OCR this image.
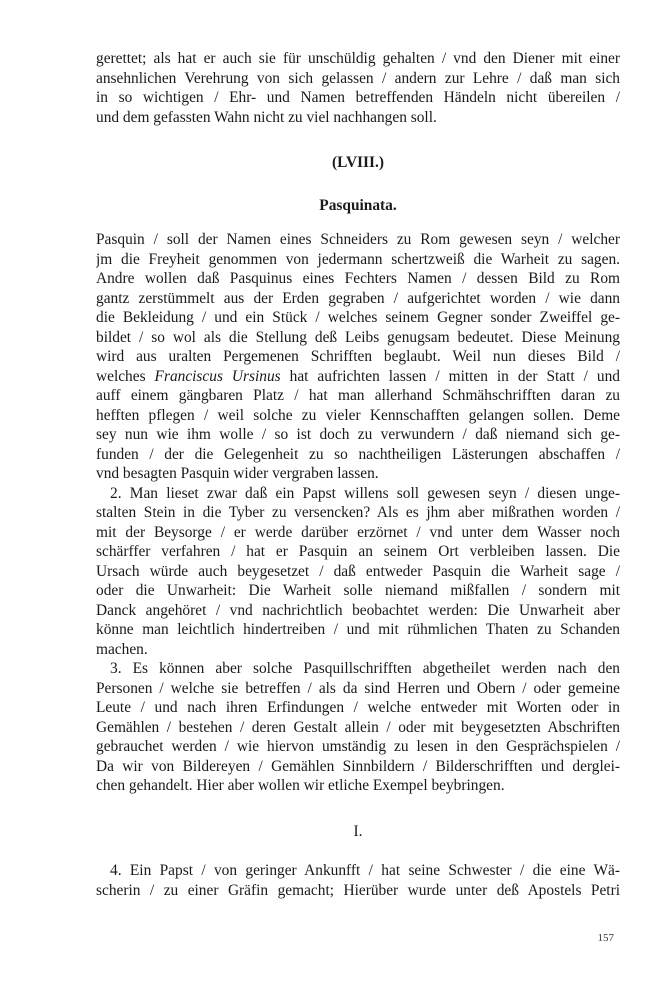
gerettet; als hat er auch sie für unschüldig gehalten / vnd den Diener mit einer
ansehnlichen Verehrung von sich gelassen / andern zur Lehre / daß man sich
in so wichtigen / Ehr- und Namen betreffenden Händeln nicht übereilen /
und dem gefassten Wahn nicht zu viel nachhangen soll.
(LVIII.)
Pasquinata.
Pasquin / soll der Namen eines Schneiders zu Rom gewesen seyn / welcher
jm die Freyheit genommen von jedermann schertzweiß die Warheit zu sagen.
Andre wollen daß Pasquinus eines Fechters Namen / dessen Bild zu Rom
gantz zerstümmelt aus der Erden gegraben / aufgerichtet worden / wie dann
die Bekleidung / und ein Stück / welches seinem Gegner sonder Zweiffel ge-
bildet / so wol als die Stellung deß Leibs genugsam bedeutet. Diese Meinung
wird aus uralten Pergemenen Schrifften beglaubt. Weil nun dieses Bild /
welches Franciscus Ursinus hat aufrichten lassen / mitten in der Statt / und
auff einem gängbaren Platz / hat man allerhand Schmähschrifften daran zu
hefften pflegen / weil solche zu vieler Kennschafften gelangen sollen. Deme
sey nun wie ihm wolle / so ist doch zu verwundern / daß niemand sich ge-
funden / der die Gelegenheit zu so nachtheiligen Lästerungen abschaffen /
vnd besagten Pasquin wider vergraben lassen.
2. Man lieset zwar daß ein Papst willens soll gewesen seyn / diesen unge-
stalten Stein in die Tyber zu versencken? Als es jhm aber mißrathen worden /
mit der Beysorge / er werde darüber erzörnet / vnd unter dem Wasser noch
schärffer verfahren / hat er Pasquin an seinem Ort verbleiben lassen. Die
Ursach würde auch beygesetzet / daß entweder Pasquin die Warheit sage /
oder die Unwarheit: Die Warheit solle niemand mißfallen / sondern mit
Danck angehöret / vnd nachrichtlich beobachtet werden: Die Unwarheit aber
könne man leichtlich hindertreiben / und mit rühmlichen Thaten zu Schanden
machen.
3. Es können aber solche Pasquillschrifften abgetheilet werden nach den
Personen / welche sie betreffen / als da sind Herren und Obern / oder gemeine
Leute / und nach ihren Erfindungen / welche entweder mit Worten oder in
Gemählen / bestehen / deren Gestalt allein / oder mit beygesetzten Abschriften
gebrauchet werden / wie hiervon umständig zu lesen in den Gesprächspielen /
Da wir von Bildereyen / Gemählen Sinnbildern / Bilderschrifften und derglei-
chen gehandelt. Hier aber wollen wir etliche Exempel beybringen.
I.
4. Ein Papst / von geringer Ankunfft / hat seine Schwester / die eine Wä-
scherin / zu einer Gräfin gemacht; Hierüber wurde unter deß Apostels Petri
157
